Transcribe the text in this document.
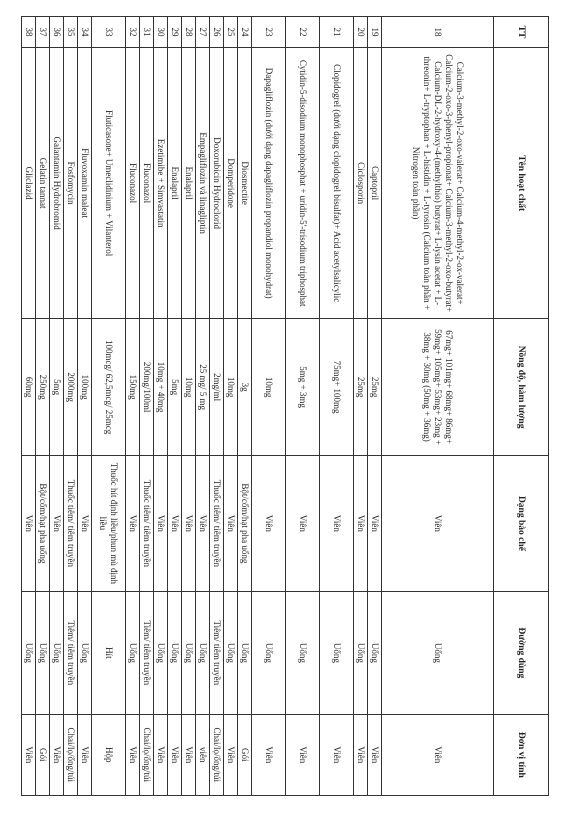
TT	Tên hoạt chất	Nồng độ, hàm lượng	Dạng bào chế	Đường dùng	Đơn vị tính
18	Calcium-3-methyl-2-oxo-valerat+ Calcium-4-methyl-2-ox-valerat+ Calcium-2-oxo-3-phenyl-propionat+ Calcium-3-methyl-2-oxo-butyrat+ Calcium-DL-2-hydroxy-4-(methylthio) butyrat+ L-lysin acetat + L-threonin+ L-tryptophan + L-histidin + L-tyrosin (Calcium toàn phần + Nitrogen toàn phần)	67mg+ 101mg+ 68mg+ 86mg+ 59mg+ 105mg+ 53mg+ 23mg + 38mg + 30mg (50mg + 36mg)	Viên	Uống	Viên
19	Captopril	25mg	Viên	Uống	Viên
20	Ciclosporin	25mg	Viên	Uống	Viên
21	Clopidogrel (dưới dạng clopidogrel bisulfat)+ Acid acetylsalicylic	75mg+ 100mg	Viên	Uống	Viên
22	Cytidin-5-disodium monophosphat + uridin-5'-trisodium triphosphat	5mg + 3mg	Viên	Uống	Viên
23	Dapagliflozin (dưới dạng dapagliflozin propandiol monohydrat)	10mg	Viên	Uống	Viên
24	Diosmectite	3g	Bột/cốm/hạt pha uống	Uống	Gói
25	Domperidone	10mg	Viên	Uống	Viên
26	Doxorubicin Hydroclorid	2mg/ml	Thuốc tiêm/ tiêm truyền	Tiêm/ tiêm truyền	Chai/lọ/ống/túi
27	Empagliflozin và linagliptin	25 mg/ 5 mg	Viên	Uống	viên
28	Enalapril	10mg	Viên	Uống	Viên
29	Enalapril	5mg	Viên	Uống	Viên
30	Ezetimibe + Simvastatin	10mg + 40mg	Viên	Uống	Viên
31	Fluconazol	200mg/100ml	Thuốc tiêm/ tiêm truyền	Tiêm/ tiêm truyền	Chai/lọ/ống/túi
32	Fluconazol	150mg	Viên	Uống	Viên
33	Fluticasone+ Umeclidinium + Vilanterol	100mcg/ 62,5mcg/ 25mcg	Thuốc hít định liều/phun mù định liều	Hít	Hộp
34	Fluvoxamin maleat	100mg	Viên	Uống	Viên
35	Fosfomycin	2000mg	Thuốc tiêm/ tiêm truyền	Tiêm/ tiêm truyền	Chai/lọ/ống/túi
36	Galantamin Hydrobromid	5mg	Viên	Uống	Viên
37	Gelatin tannat	250mg	Bột/cốm/hạt pha uống	Uống	Gói
38	Gliclazid	60mg	Viên	Uống	Viên
